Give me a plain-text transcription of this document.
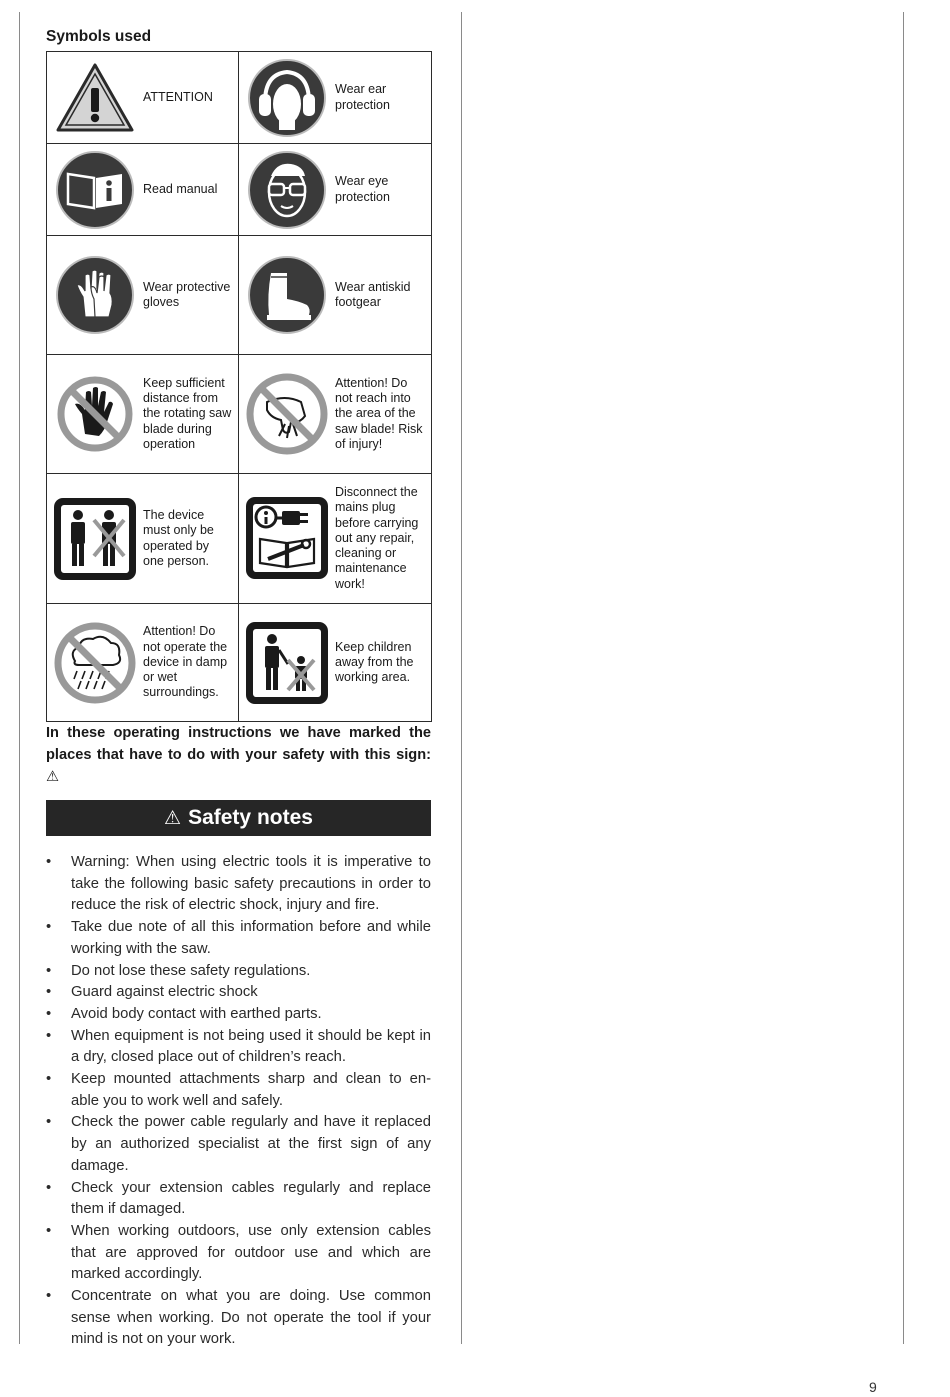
Symbols used
ATTENTION	Wear ear protection

Read manual	Wear eye protection

Wear protective gloves	Wear antiskid footgear

Keep sufficient distance from the rotating saw blade during operation	Attention! Do not reach into the area of the saw blade! Risk of injury!

The device must only be operated by one person.	Disconnect the mains plug before carrying out any repair, cleaning or maintenance work!

Attention! Do not operate the device in damp or wet surroundings.	Keep children away from the working area.
In these operating instructions we have marked the places that have to do with your safety with this sign: ⚠
⚠ Safety notes
• Warning: When using electric tools it is imperative to take the following basic safety precautions in order to reduce the risk of electric shock, injury and fire.
• Take due note of all this information before and while working with the saw.
• Do not lose these safety regulations.
• Guard against electric shock
• Avoid body contact with earthed parts.
• When equipment is not being used it should be kept in a dry, closed place out of children’s reach.
• Keep mounted attachments sharp and clean to en-able you to work well and safely.
• Check the power cable regularly and have it replaced by an authorized specialist at the first sign of any damage.
• Check your extension cables regularly and replace them if damaged.
• When working outdoors, use only extension cables that are approved for outdoor use and which are marked accordingly.
• Concentrate on what you are doing. Use common sense when working. Do not operate the tool if your mind is not on your work.
9
